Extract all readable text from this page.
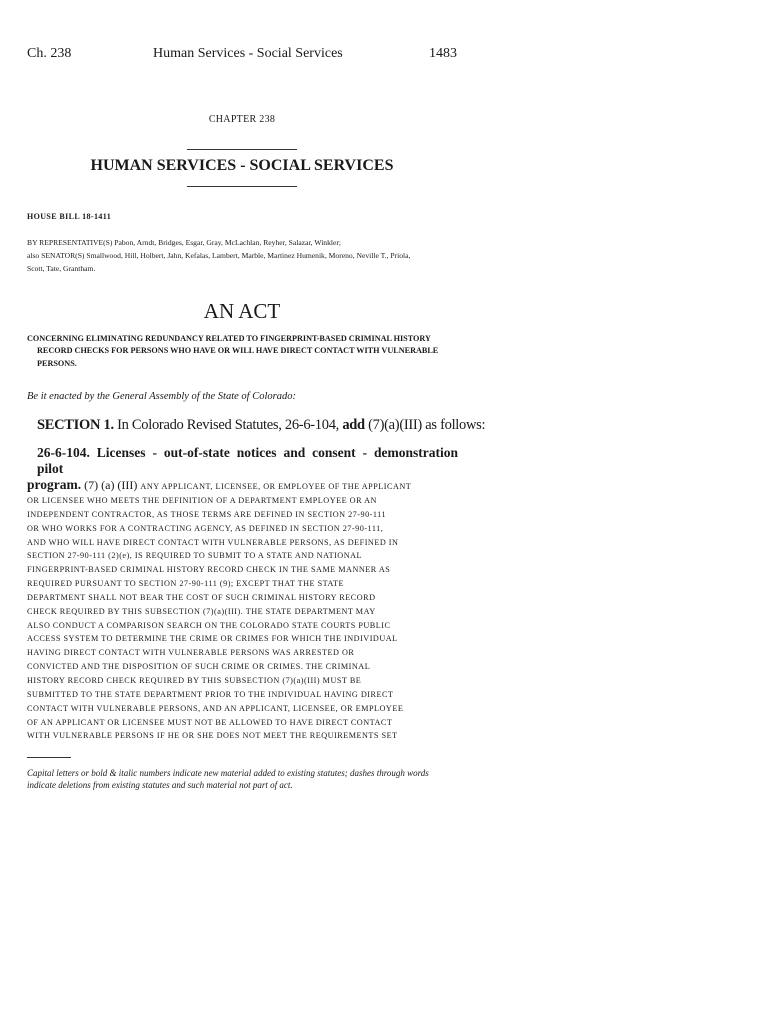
Ch. 238	Human Services - Social Services	1483
CHAPTER 238
HUMAN SERVICES - SOCIAL SERVICES
HOUSE BILL 18-1411
BY REPRESENTATIVE(S) Pabon, Arndt, Bridges, Esgar, Gray, McLachlan, Reyher, Salazar, Winkler;
also SENATOR(S) Smallwood, Hill, Holbert, Jahn, Kefalas, Lambert, Marble, Martinez Humenik, Moreno, Neville T., Priola,
Scott, Tate, Grantham.
AN ACT
CONCERNING ELIMINATING REDUNDANCY RELATED TO FINGERPRINT-BASED CRIMINAL HISTORY
RECORD CHECKS FOR PERSONS WHO HAVE OR WILL HAVE DIRECT CONTACT WITH VULNERABLE
PERSONS.
Be it enacted by the General Assembly of the State of Colorado:
SECTION 1. In Colorado Revised Statutes, 26-6-104, add (7)(a)(III) as follows:
26-6-104. Licenses - out-of-state notices and consent - demonstration pilot
program. (7) (a) (III) ANY APPLICANT, LICENSEE, OR EMPLOYEE OF THE APPLICANT
OR LICENSEE WHO MEETS THE DEFINITION OF A DEPARTMENT EMPLOYEE OR AN
INDEPENDENT CONTRACTOR, AS THOSE TERMS ARE DEFINED IN SECTION 27-90-111
OR WHO WORKS FOR A CONTRACTING AGENCY, AS DEFINED IN SECTION 27-90-111,
AND WHO WILL HAVE DIRECT CONTACT WITH VULNERABLE PERSONS, AS DEFINED IN
SECTION 27-90-111 (2)(e), IS REQUIRED TO SUBMIT TO A STATE AND NATIONAL
FINGERPRINT-BASED CRIMINAL HISTORY RECORD CHECK IN THE SAME MANNER AS
REQUIRED PURSUANT TO SECTION 27-90-111 (9); EXCEPT THAT THE STATE
DEPARTMENT SHALL NOT BEAR THE COST OF SUCH CRIMINAL HISTORY RECORD
CHECK REQUIRED BY THIS SUBSECTION (7)(a)(III). THE STATE DEPARTMENT MAY
ALSO CONDUCT A COMPARISON SEARCH ON THE COLORADO STATE COURTS PUBLIC
ACCESS SYSTEM TO DETERMINE THE CRIME OR CRIMES FOR WHICH THE INDIVIDUAL
HAVING DIRECT CONTACT WITH VULNERABLE PERSONS WAS ARRESTED OR
CONVICTED AND THE DISPOSITION OF SUCH CRIME OR CRIMES. THE CRIMINAL
HISTORY RECORD CHECK REQUIRED BY THIS SUBSECTION (7)(a)(III) MUST BE
SUBMITTED TO THE STATE DEPARTMENT PRIOR TO THE INDIVIDUAL HAVING DIRECT
CONTACT WITH VULNERABLE PERSONS, AND AN APPLICANT, LICENSEE, OR EMPLOYEE
OF AN APPLICANT OR LICENSEE MUST NOT BE ALLOWED TO HAVE DIRECT CONTACT
WITH VULNERABLE PERSONS IF HE OR SHE DOES NOT MEET THE REQUIREMENTS SET
Capital letters or bold & italic numbers indicate new material added to existing statutes; dashes through words indicate deletions from existing statutes and such material not part of act.
